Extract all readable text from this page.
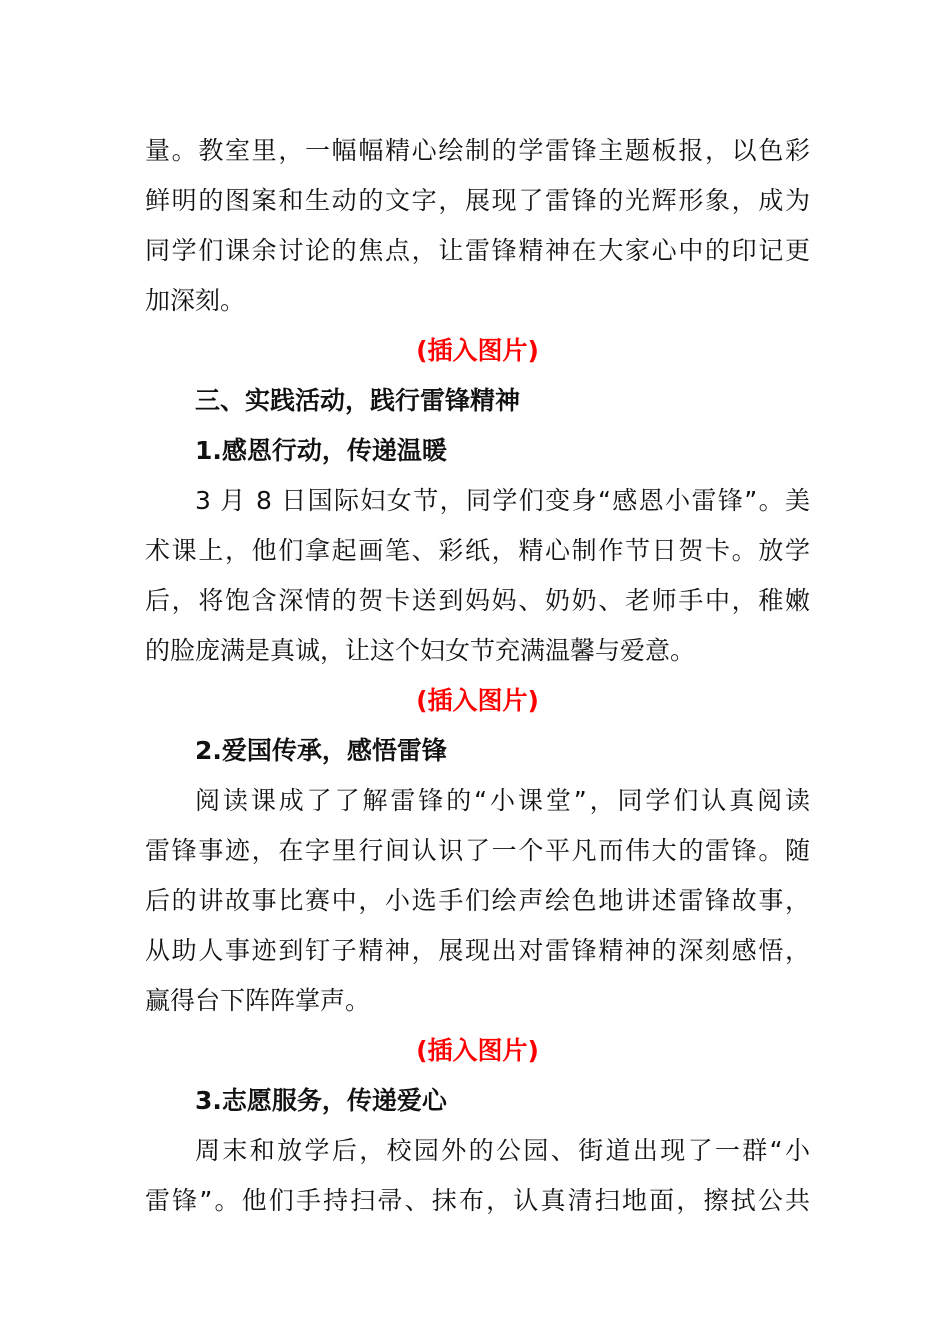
量。教室里，一幅幅精心绘制的学雷锋主题板报，以色彩
鲜明的图案和生动的文字，展现了雷锋的光辉形象，成为
同学们课余讨论的焦点，让雷锋精神在大家心中的印记更
加深刻。
(插入图片)
三、实践活动，践行雷锋精神
1.感恩行动，传递温暖
3 月 8 日国际妇女节，同学们变身“感恩小雷锋”。美
术课上，他们拿起画笔、彩纸，精心制作节日贺卡。放学
后，将饱含深情的贺卡送到妈妈、奶奶、老师手中，稚嫩
的脸庞满是真诚，让这个妇女节充满温馨与爱意。
(插入图片)
2.爱国传承，感悟雷锋
阅读课成了了解雷锋的“小课堂”，同学们认真阅读
雷锋事迹，在字里行间认识了一个平凡而伟大的雷锋。随
后的讲故事比赛中，小选手们绘声绘色地讲述雷锋故事，
从助人事迹到钉子精神，展现出对雷锋精神的深刻感悟，
赢得台下阵阵掌声。
(插入图片)
3.志愿服务，传递爱心
周末和放学后，校园外的公园、街道出现了一群“小
雷锋”。他们手持扫帚、抹布，认真清扫地面，擦拭公共
